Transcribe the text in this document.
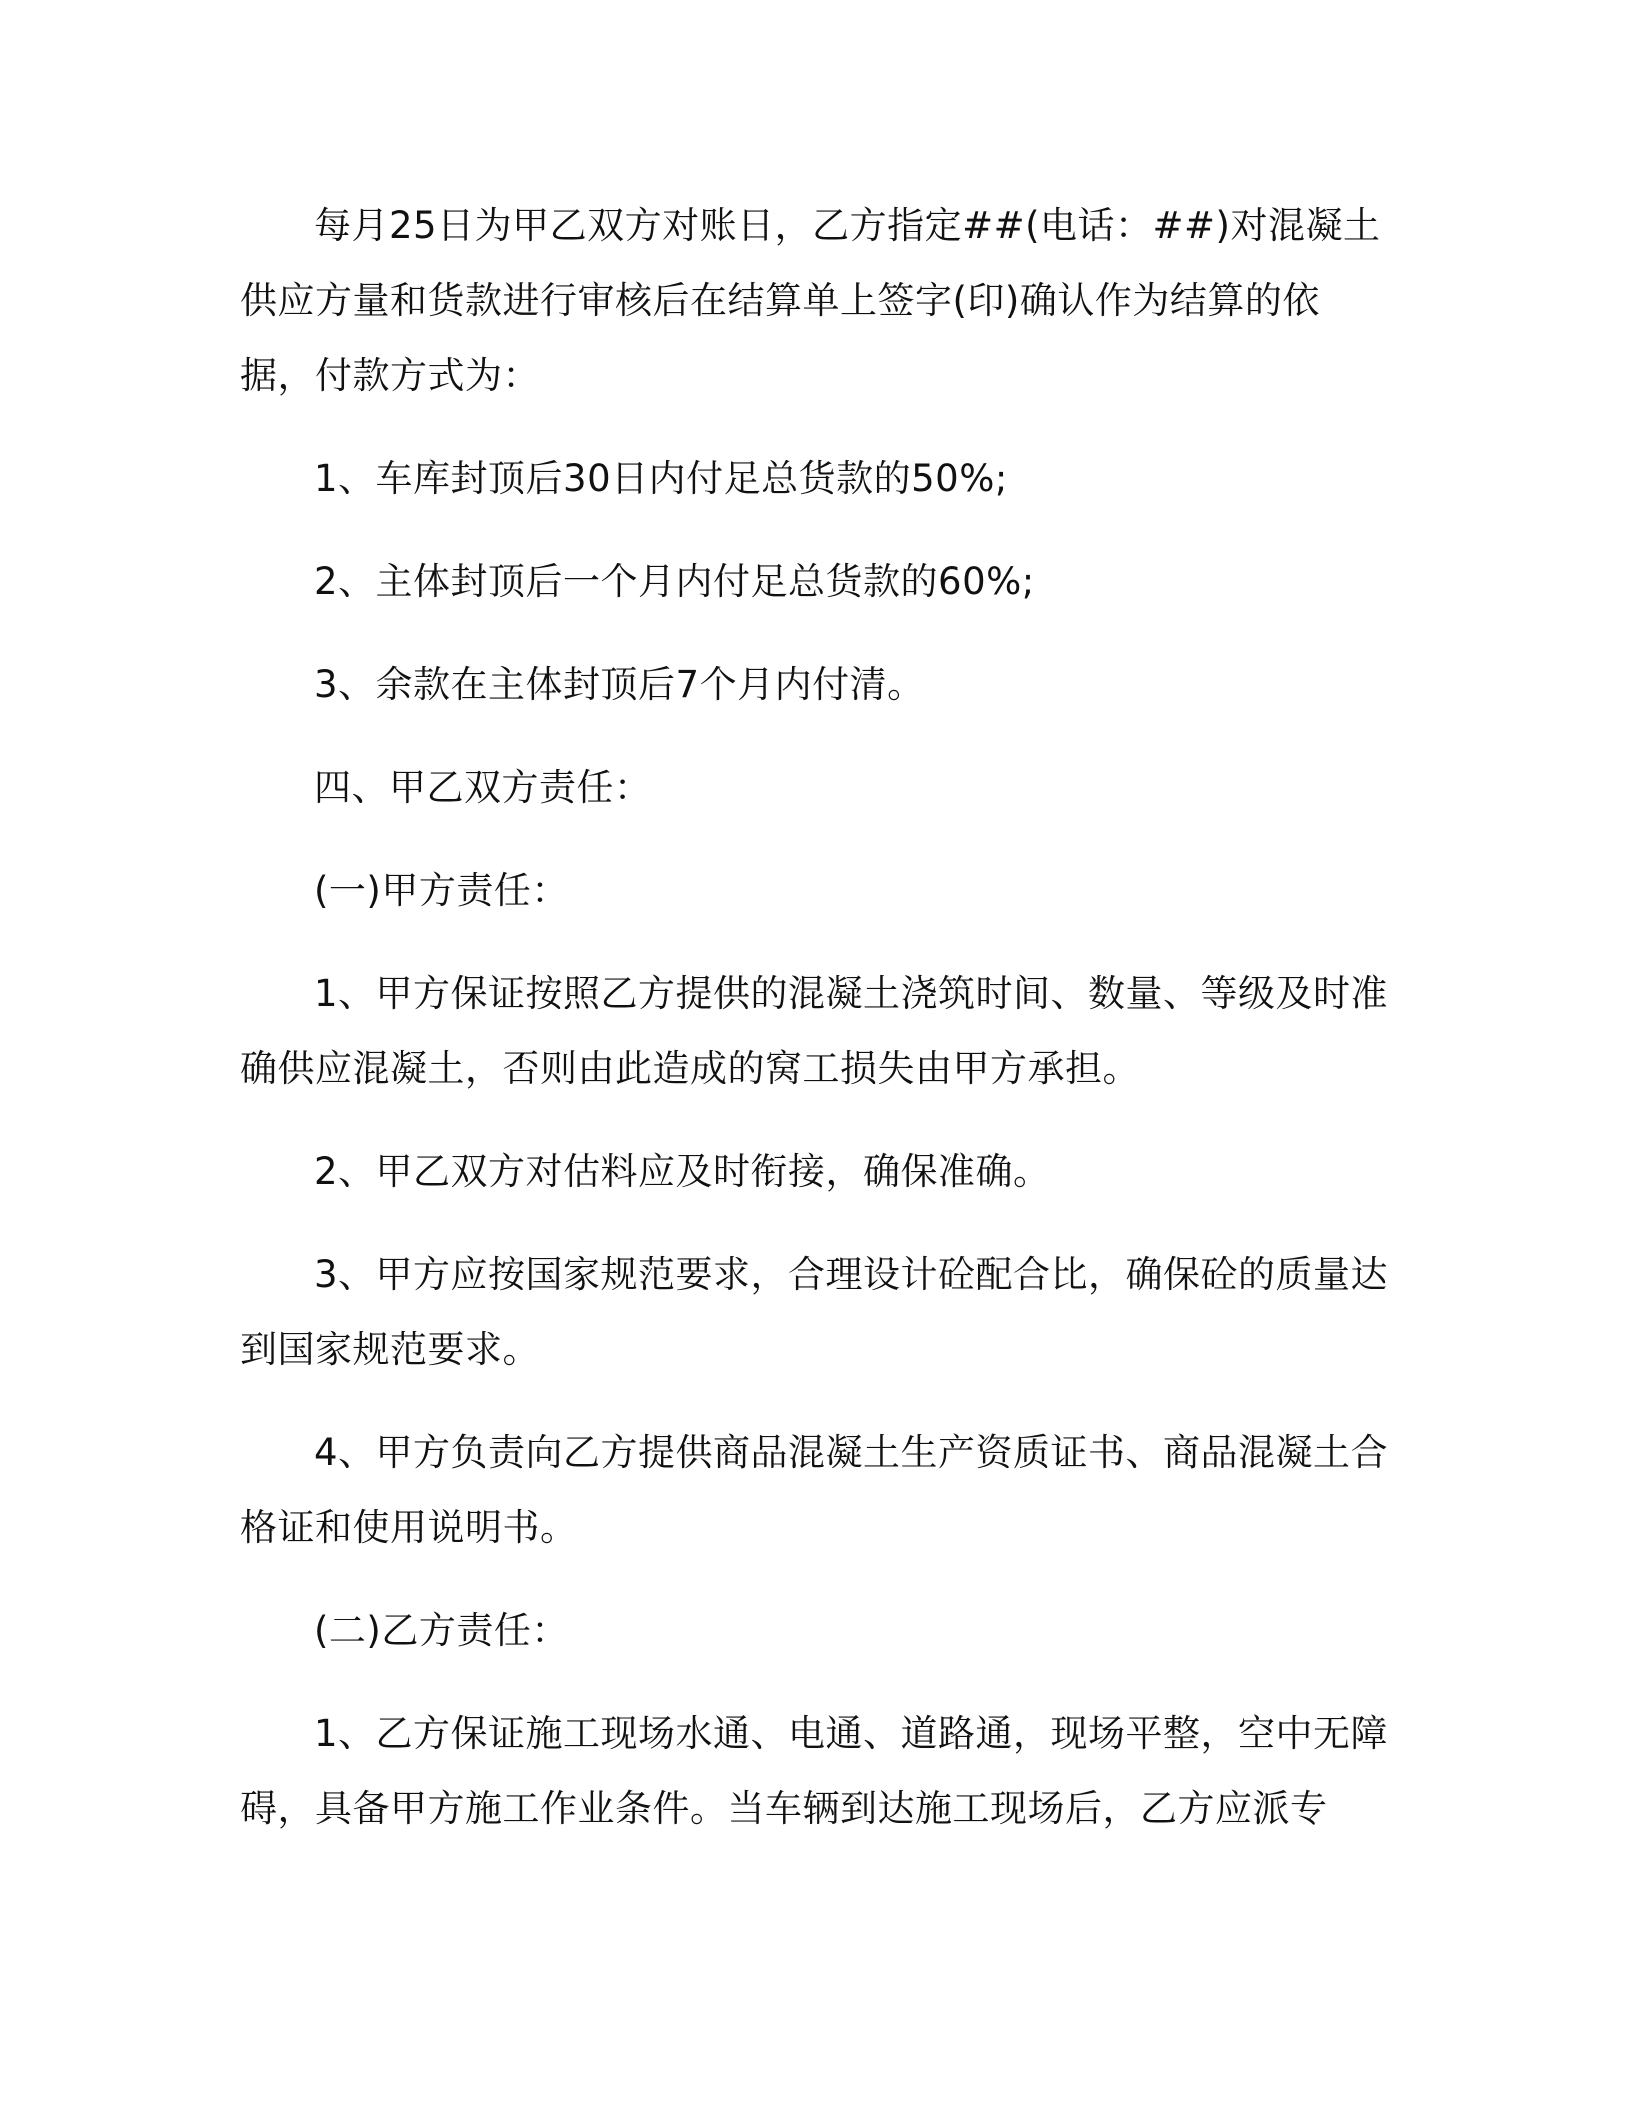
每月25日为甲乙双方对账日，乙方指定##(电话：##)对混凝土供应方量和货款进行审核后在结算单上签字(印)确认作为结算的依据，付款方式为：

1、车库封顶后30日内付足总货款的50%;

2、主体封顶后一个月内付足总货款的60%;

3、余款在主体封顶后7个月内付清。

四、甲乙双方责任：

(一)甲方责任：

1、甲方保证按照乙方提供的混凝土浇筑时间、数量、等级及时准确供应混凝土，否则由此造成的窝工损失由甲方承担。

2、甲乙双方对估料应及时衔接，确保准确。

3、甲方应按国家规范要求，合理设计砼配合比，确保砼的质量达到国家规范要求。

4、甲方负责向乙方提供商品混凝土生产资质证书、商品混凝土合格证和使用说明书。

(二)乙方责任：

1、乙方保证施工现场水通、电通、道路通，现场平整，空中无障碍，具备甲方施工作业条件。当车辆到达施工现场后，乙方应派专
